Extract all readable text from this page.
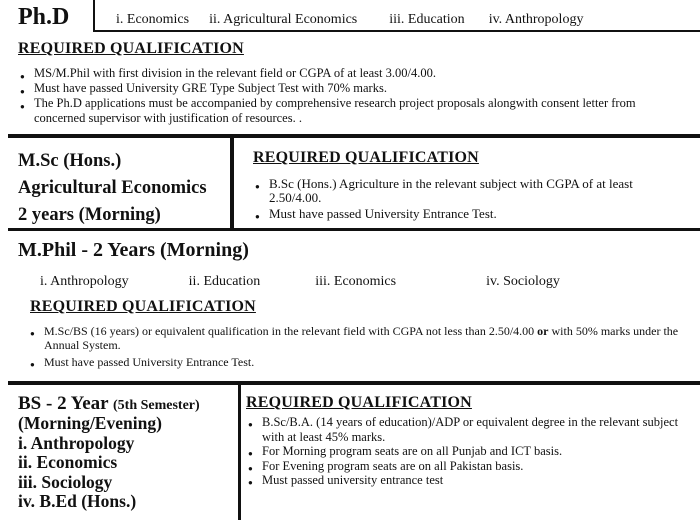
Ph.D	i. Economics ii. Agricultural Economics iii. Education iv. Anthropology
REQUIRED QUALIFICATION
● MS/M.Phil with first division in the relevant field or CGPA of at least 3.00/4.00.
● Must have passed University GRE Type Subject Test with 70% marks.
● The Ph.D applications must be accompanied by comprehensive research project proposals alongwith consent letter from concerned supervisor with justification of resources. .
M.Sc (Hons.)
Agricultural Economics
2 years (Morning)
REQUIRED QUALIFICATION
● B.Sc (Hons.) Agriculture in the relevant subject with CGPA of at least 2.50/4.00.
● Must have passed University Entrance Test.
M.Phil - 2 Years (Morning)
i. Anthropology	ii. Education	iii. Economics	iv. Sociology
REQUIRED QUALIFICATION
● M.Sc/BS (16 years) or equivalent qualification in the relevant field with CGPA not less than 2.50/4.00 or with 50% marks under the Annual System.
● Must have passed University Entrance Test.
BS - 2 Year (5th Semester)
(Morning/Evening)
i. Anthropology
ii. Economics
iii. Sociology
iv. B.Ed (Hons.)
REQUIRED QUALIFICATION
● B.Sc/B.A. (14 years of education)/ADP or equivalent degree in the relevant subject with at least 45% marks.
● For Morning program seats are on all Punjab and ICT basis.
● For Evening program seats are on all Pakistan basis.
● Must passed university entrance test
